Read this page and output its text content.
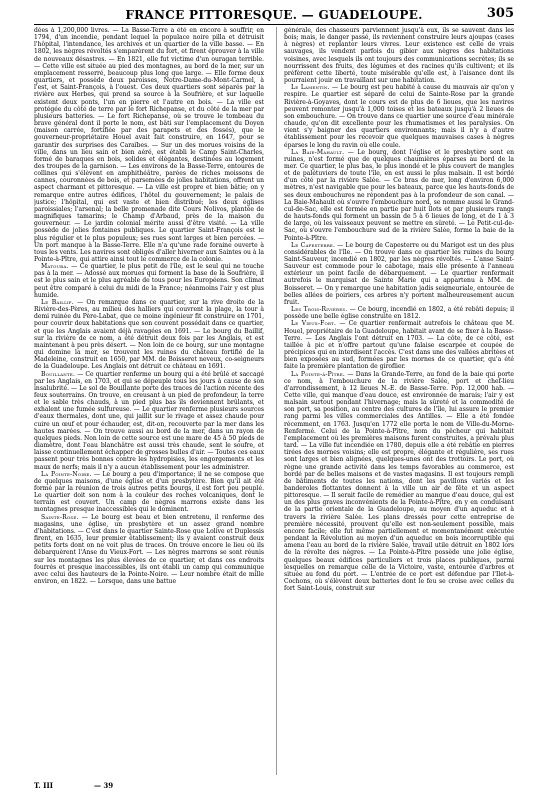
FRANCE PITTORESQUE. — GUADELOUPE.	305

dées à 1,200,000 livres. — La Basse-Terre a été en encore à souffrir, en 1794, d'un incendie, pendant lequel la populace noire pilla et détruisit l'hôpital, l'intendance, les archives et un quartier de la ville basse. — En 1802, les nègres révoltés s'emparèrent du fort, et firent éprouver à la ville de nouveaux désastres. — En 1821, elle fut victime d'un ouragan terrible. — Cette ville est située au pied des montagnes, au bord de la mer, sur un emplacement resserré, beaucoup plus long que large. — Elle forme deux quartiers, et possède deux paroisses, Notre-Dame-du-Mont-Carmel, à l'est, et Saint-François, à l'ouest. Ces deux quartiers sont séparés par la rivière aux Herbes, qui prend sa source à la Soufrière, et sur laquelle existent deux ponts, l'un en pierre et l'autre en bois. — La ville est protégée du côté de terre par le fort Richepanse, et du côté de la mer par plusieurs batteries. — Le fort Richepanse, où se trouve le tombeau du brave général dont il porte le nom, est bâti sur l'emplacement du Doyen (maison carrée, fortifiée par des parapets et des fossés), que le gouverneur-propriétaire Houel avait fait construire, en 1647, pour se garantir des surprises des Caraïbes. — Sur un des morues voisins de la ville, dans un lieu sain et bien aéré, est établi le Camp Saint-Charles, formé de baraques en bois, solides et élégantes, destinées au logement des troupes de la garnison. — Les environs de la Basse-Terre, entourés de collines qui s'élèvent en amphithéâtre, parées de riches moissons de cannes, couronnées de bois, et parsemées de jolies habitations, offrent un aspect charmant et pittoresque. — La ville est propre et bien bâtie; on y remarque entre autres édifices, l'hôtel du gouvernement; le palais de justice; l'hôpital, qui est vaste et bien distribué; les deux églises paroissiales; l'arsenal; la belle promenade dite Cours Nolivos, plantée de magnifiques tamarins; le Champ d'Arbaud, près de la maison du gouverneur. — Le jardin colonial mérite aussi d'être visité. — La ville possède de jolies fontaines publiques. Le quartier Saint-François est le plus régulier et le plus populeux; ses rues sont larges et bien percées. — Un port manque à la Basse-Terre. Elle n'a qu'une rade foraine ouverte à tous les vents. Les navires sont obligés d'aller hiverner aux Saintes ou à la Pointe-à-Pître, qui attire ainsi tout le commerce de la colonie.

Matouba. — Ce quartier, le plus petit de l'île, est le seul qui ne touche pas à la mer. — Adossé aux morues qui forment la base de la Soufrière, il est le plus sain et le plus agréable de tous pour les Européens. Son climat peut être comparé à celui du midi de la France; néanmoins l'air y est plus humide.

Le Baillif. — On remarque dans ce quartier, sur la rive droite de la Rivière-des-Pères, au milieu des halliers qui couvrent la plage, la tour à demi ruinée du Père-Labat, que ce moine ingénieur fit construire en 1701, pour couvrir deux habitations que son couvent possédait dans ce quartier, et que les Anglais avaient déjà ravagées en 1691. — Le bourg du Baillif, sur la rivière de ce nom, a été détruit deux fois par les Anglais, et est maintenant à peu près désert. — Non loin de ce bourg, sur une montagne qui domine la mer, se trouvent les ruines du château fortifié de la Madeleine, construit en 1650, par MM. de Boisseret neveux, co-seigneurs de la Guadeloupe. Les Anglais ont détruit ce château en 1691.

Bouillante. — Ce quartier renferme un bourg qui a été brûlé et saccagé par les Anglais, en 1703, et qui se dépeuple tous les jours à cause de son insalubrité. — Le sol de Bouillante porte des traces de l'action récente des feux souterrains. On trouve, en creusant à un pied de profondeur, la terre et le sable très chauds, à un pied plus bas ils deviennent brûlants, et exhalent une fumée sulfureuse. — Le quartier renferme plusieurs sources d'eaux thermales, dont une, qui jaillit sur le rivage et assez chaude pour cuire un œuf et pour échauder, est, dit-on, recouverte par la mer dans les hautes marées. — On trouve aussi au bord de la mer, dans un rayon de quelques pieds. Non loin de cette source est une mare de 45 à 50 pieds de diamètre, dont l'eau blanchâtre est aussi très chaude, sent le soufre, et laisse continuellement échapper de grosses bulles d'air. — Toutes ces eaux passent pour très bonnes contre les hydropisies, les engorgements et les maux de nerfs; mais il n'y a aucun établissement pour les administrer.

La Pointe-Noire. — Le bourg a peu d'importance; il ne se compose que de quelques maisons, d'une église et d'un presbytère. Bien qu'il ait été formé par la réunion de trois autres petits bourgs, il est fort peu peuplé. Le quartier doit son nom à la couleur des roches volcaniques, dont le terrain est couvert. Un camp de nègres marrons existe dans les montagnes presque inaccessibles qui le dominent.

Sainte-Rose. — Le bourg est beau et bien entretenu, il renferme des magasins, une église, un presbytère et un assez grand nombre d'habitations. — C'est dans le quartier Sainte-Rose que Lolive et Duplessis firent, en 1635, leur premier établissement; ils y avaient construit deux petits forts dont on ne voit plus de traces. On trouve encore le lieu où ils débarquèrent l'Anse du Vieux-Fort. — Les nègres marrons se sont réunis sur les montagnes les plus élevées de ce quartier, et dans ces endroits fourrés et presque inaccessibles, ils ont établi un camp qui communique avec celui des hauteurs de la Pointe-Noire. — Leur nombre était de mille environ, en 1822. — Lorsque, dans une battue

générale, des chasseurs parviennent jusqu'à eux, ils se sauvent dans les bois; mais, le danger passé, ils reviennent construire leurs ajoupas (cases à nègres) et replanter leurs vivres. Leur existence est celle de vrais sauvages, ils vendent parfois du gibier aux nègres des habitations voisines, avec lesquels ils ont toujours des communications secrètes; ils se nourrissent des fruits, des légumes et des racines qu'ils cultivent; et ils préfèrent cette liberté, toute misérable qu'elle est, à l'aisance dont ils pourraient jouir en travaillant sur une habitation.

Le Lamentin. — Le bourg est peu habité à cause du mauvais air qu'on y respire. Le quartier est séparé de celui de Sainte-Rose par la grande Rivière-à-Goyaves, dont le cours est de plus de 6 lieues, que les navires peuvent remonter jusqu'à 1,000 toises et les bateaux jusqu'à 2 lieues de son embouchure. — On trouve dans ce quartier une source d'eau minérale chaude, qu'on dit excellente pour les rhumatismes et les paralysies. On vient s'y baigner des quartiers environnants; mais il n'y a d'autre établissement pour les recevoir que quelques mauvaises cases à nègres éparses le long du ravin où elle coule.

La Baie-Mahault. — Le bourg, dont l'église et le presbytère sont en ruines, n'est formé que de quelques chaumières éparses au bord de la mer. Ce quartier, le plus bas, le plus inondé et le plus couvert de mangles et de palétuviers de toute l'île, en est aussi le plus malsain. Il est bordé d'un côté par la rivière Salée. — Ce bras de mer, long d'environ 6,000 mètres, n'est navigable que pour les bateaux, parce que les hauts-fonds de ses deux embouchures ne répondent pas à la profondeur de son canal. — La Baie-Mahault où s'ouvre l'embouchure nord, se nomme aussi le Grand-cul-de-Sac, elle est fermée en partie par huit îlots et par plusieurs rangs de hauts-fonds qui forment un bassin de 5 à 6 lieues de long, et de 1 à 3 de large, où les vaisseaux peuvent se mettre en sûreté. — Le Petit-cul-de-Sac, où s'ouvre l'embouchure sud de la rivière Salée, forme la baie de la Pointe-à-Pître.

Le Capesterre. — Le bourg de Capesterre ou du Marigot est un des plus considérables de l'île. — On trouve dans ce quartier les ruines du bourg Saint-Sauveur, incendié en 1802, par les nègres révoltés. — L'anse Saint-Sauveur est commode pour le cabotage, mais elle présente à l'anneau extérieur un point facile de débarquement. — Le quartier renfermait autrefois le marquisat de Sainte Marie qui a appartenu à MM. de Boisseret. — On y remarque une habitation jadis seigneuriale, entourée de belles allées de poiriers, ces arbres n'y portent malheureusement aucun fruit.

Les Trois-Rivières. — Ce bourg, incendié en 1802, a été rebâti depuis; il possède une belle église construite en 1812.

Le Vieux-Fort. — Ce quartier renfermait autrefois le château que M. Houel, propriétaire de la Guadeloupe, habitait avant de se fixer à la Basse-Terre. — Les Anglais l'ont détruit en 1703. — La côte, de ce côté, est taillée à pic et n'offre partout qu'une falaise escarpée et coupée de précipices qui en interdisent l'accès. C'est dans une des vallées abritées et bien exposées au sud, formées par les mornes de ce quartier, qu'a été faite la première plantation de giroflier.

La Pointe-à-Pître. — Dans la Grande-Terre, au fond de la baie qui porte ce nom, à l'embouchure de la rivière Salée, port et chef-lieu d'arrondissement, à 12 lieues N.-E. de Basse-Terre. Pop. 12,000 hab. — Cette ville, qui manque d'eau douce, est environnée de marais; l'air y est malsain surtout pendant l'hivernage; mais la sûreté et la commodité de son port, sa position, au centre des cultures de l'île, lui assure le premier rang parmi les villes commerciales des Antilles. — Elle a été fondée récemment, en 1763. Jusqu'en 1772 elle porta le nom de Ville-du-Morne-Renfermé. Celui de la Pointe-à-Pître, nom du pêcheur qui habitait l'emplacement où les premières maisons furent construites, a prévalu plus tard. — La ville fut incendiée en 1780, depuis elle a été rebâtie en pierres tirées des mornes voisins; elle est propre, élégante et régulière, ses rues sont larges et bien alignées, quelques-unes ont des trottoirs. Le port, où règne une grande activité dans les temps favorables au commerce, est bordé par de belles maisons et de vastes magasins. Il est toujours rempli de bâtiments de toutes les nations, dont les pavillons variés et les banderoles flottantes donnent à la ville un air de fête et un aspect pittoresque. — Il serait facile de remédier au manque d'eau douce, qui est un des plus graves inconvénients de la Pointe-à-Pître, en y en conduisant de la partie orientale de la Guadeloupe, au moyen d'un aqueduc et à travers la rivière Salée. Les plans dressés pour cette entreprise de première nécessité, prouvent qu'elle est non-seulement possible, mais encore facile; elle fut même partiellement et momentanément exécutée pendant la Révolution au moyen d'un aqueduc en bois incorruptible qui amena l'eau au bord de la rivière Salée, travail utile détruit en 1802 lors de la révolte des nègres. — La Pointe-à-Pître possède une jolie église, quelques beaux édifices particuliers et trois places publiques, parmi lesquelles on remarque celle de la Victoire, vaste, entourée d'arbres et située au fond du port. — L'entrée de ce port est défendue par l'Ilet-à-Cochons, où s'élèvent deux batteries dont le feu se croise avec celles du fort Saint-Louis, construit sur

T. III	— 39
